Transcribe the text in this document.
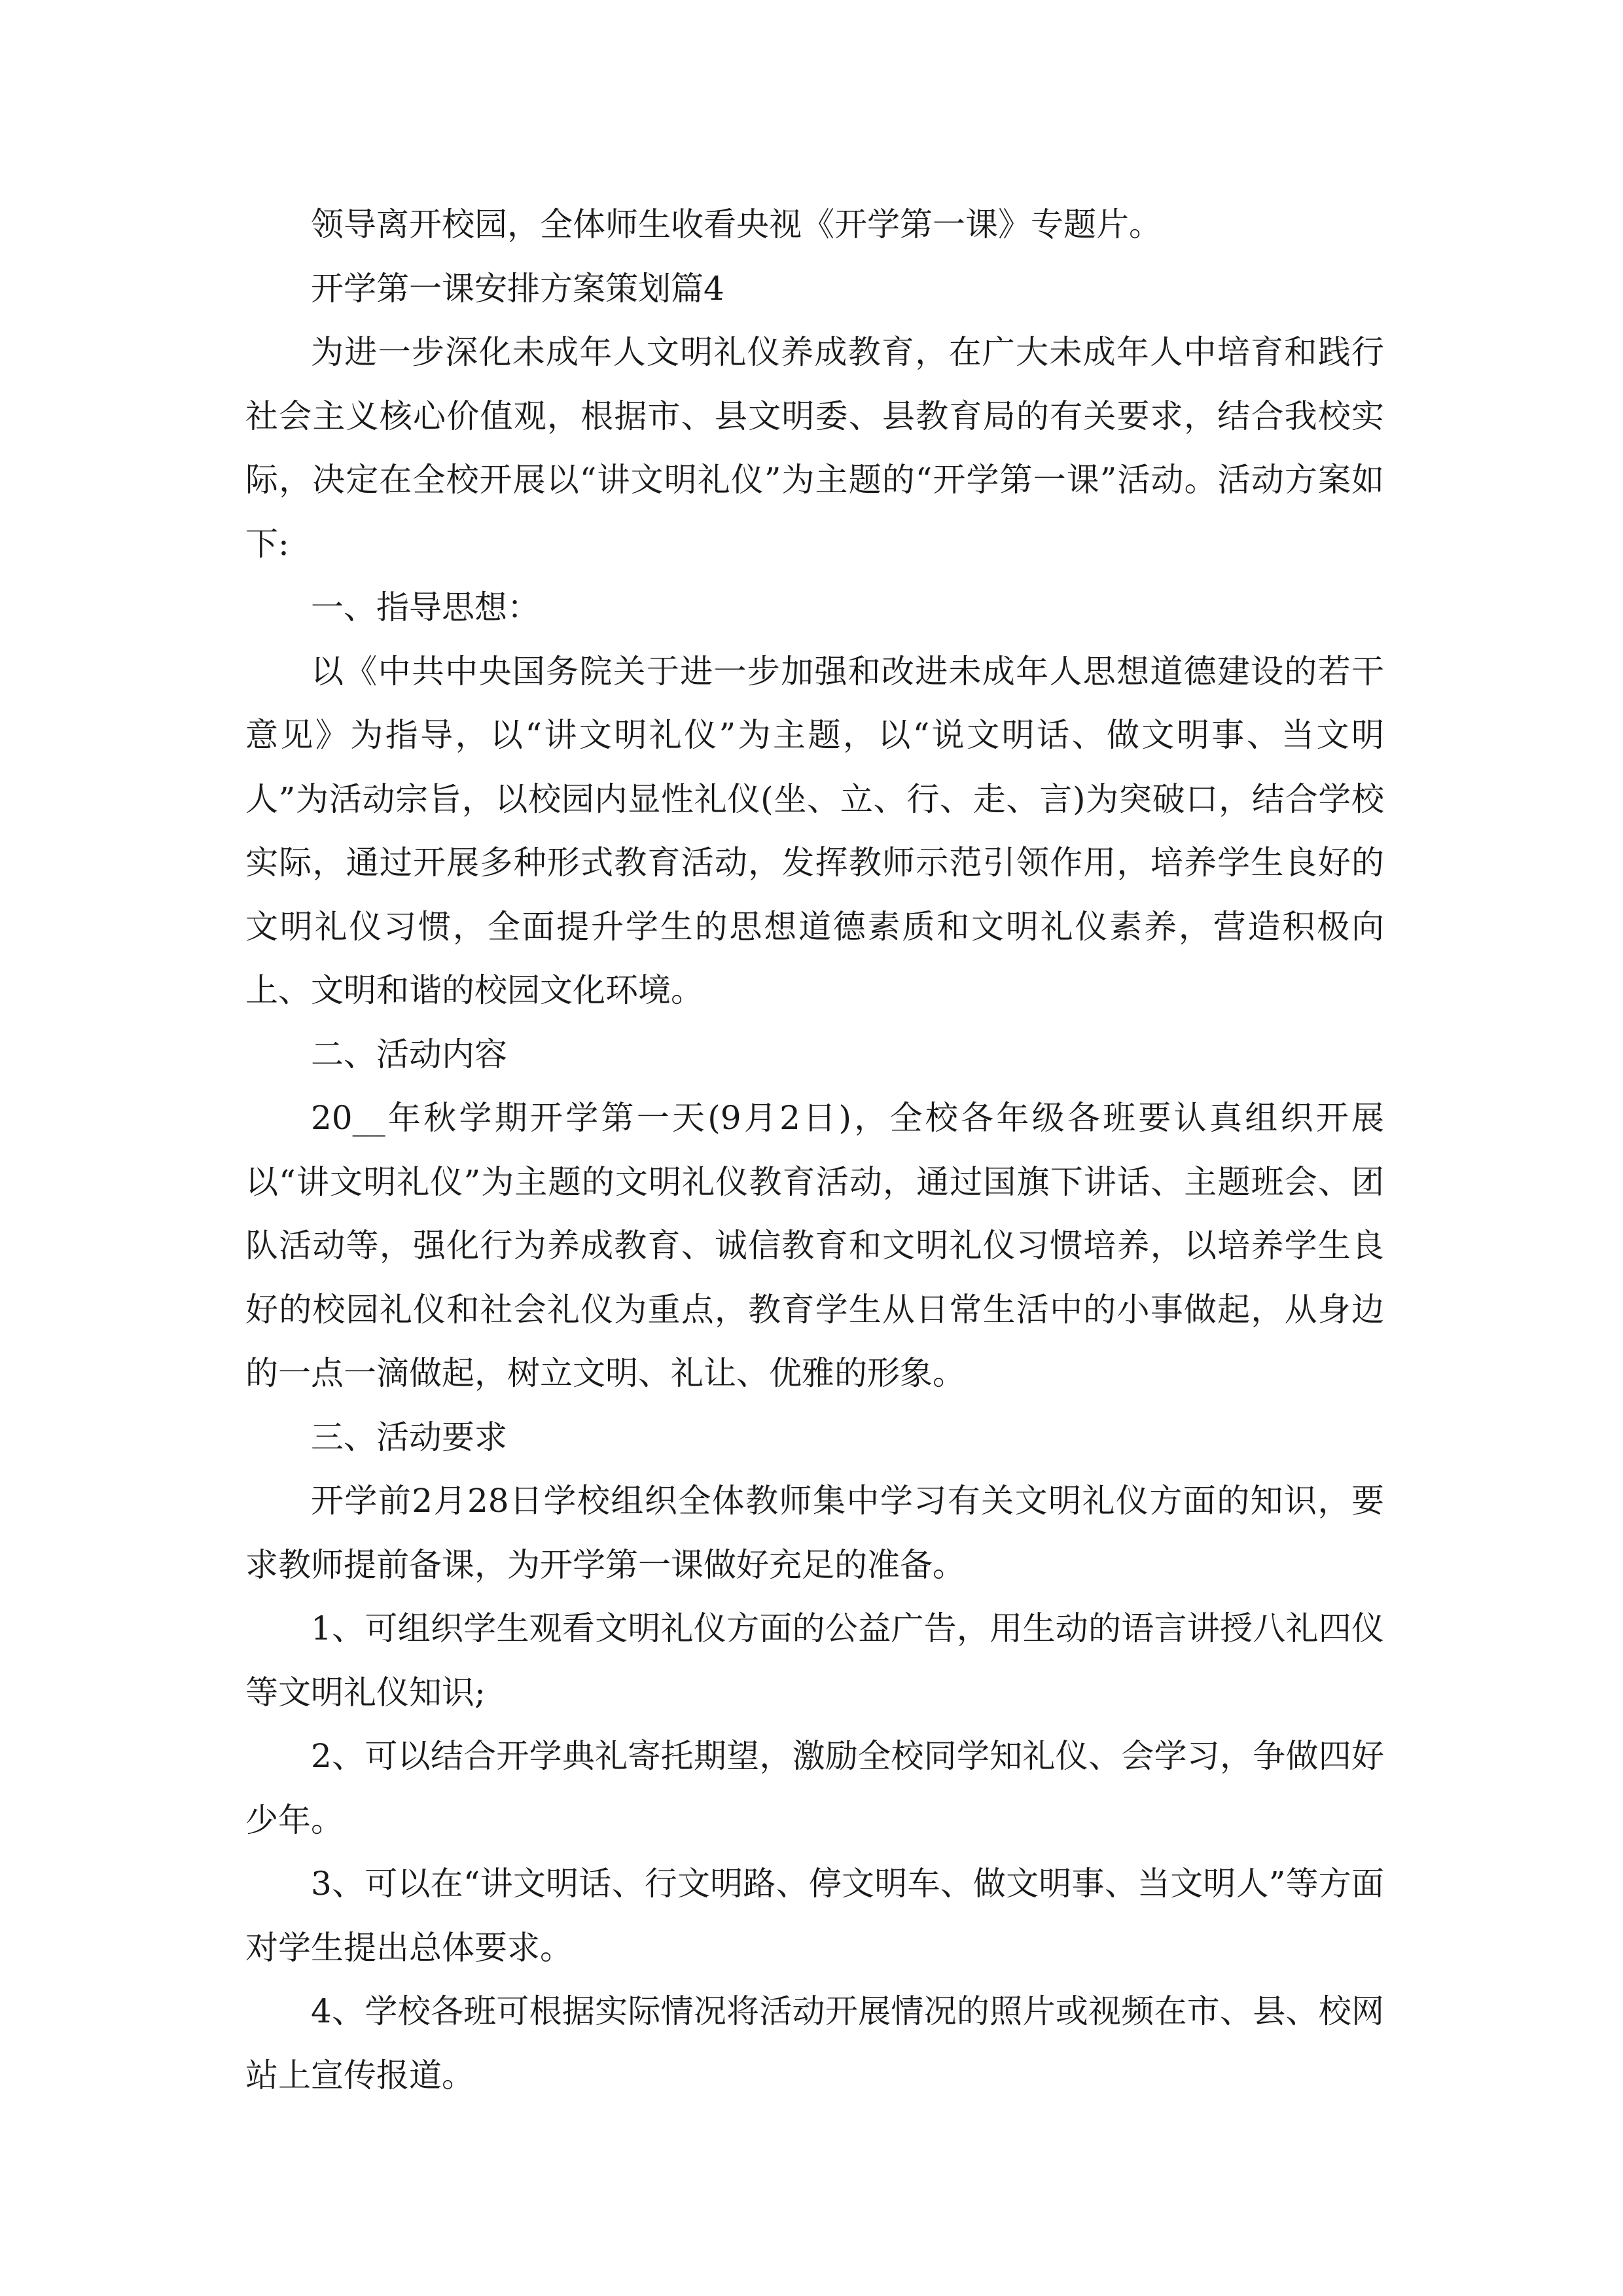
领导离开校园，全体师生收看央视《开学第一课》专题片。

开学第一课安排方案策划篇4

为进一步深化未成年人文明礼仪养成教育，在广大未成年人中培育和践行社会主义核心价值观，根据市、县文明委、县教育局的有关要求，结合我校实际，决定在全校开展以“讲文明礼仪”为主题的“开学第一课”活动。活动方案如下:

一、指导思想：

以《中共中央国务院关于进一步加强和改进未成年人思想道德建设的若干意见》为指导，以“讲文明礼仪”为主题，以“说文明话、做文明事、当文明人”为活动宗旨，以校园内显性礼仪(坐、立、行、走、言)为突破口，结合学校实际，通过开展多种形式教育活动，发挥教师示范引领作用，培养学生良好的文明礼仪习惯，全面提升学生的思想道德素质和文明礼仪素养，营造积极向上、文明和谐的校园文化环境。

二、活动内容

20__年秋学期开学第一天(9月2日)，全校各年级各班要认真组织开展以“讲文明礼仪”为主题的文明礼仪教育活动，通过国旗下讲话、主题班会、团队活动等，强化行为养成教育、诚信教育和文明礼仪习惯培养，以培养学生良好的校园礼仪和社会礼仪为重点，教育学生从日常生活中的小事做起，从身边的一点一滴做起，树立文明、礼让、优雅的形象。

三、活动要求

开学前2月28日学校组织全体教师集中学习有关文明礼仪方面的知识，要求教师提前备课，为开学第一课做好充足的准备。

1、可组织学生观看文明礼仪方面的公益广告，用生动的语言讲授八礼四仪等文明礼仪知识;

2、可以结合开学典礼寄托期望，激励全校同学知礼仪、会学习，争做四好少年。

3、可以在“讲文明话、行文明路、停文明车、做文明事、当文明人”等方面对学生提出总体要求。

4、学校各班可根据实际情况将活动开展情况的照片或视频在市、县、校网站上宣传报道。
